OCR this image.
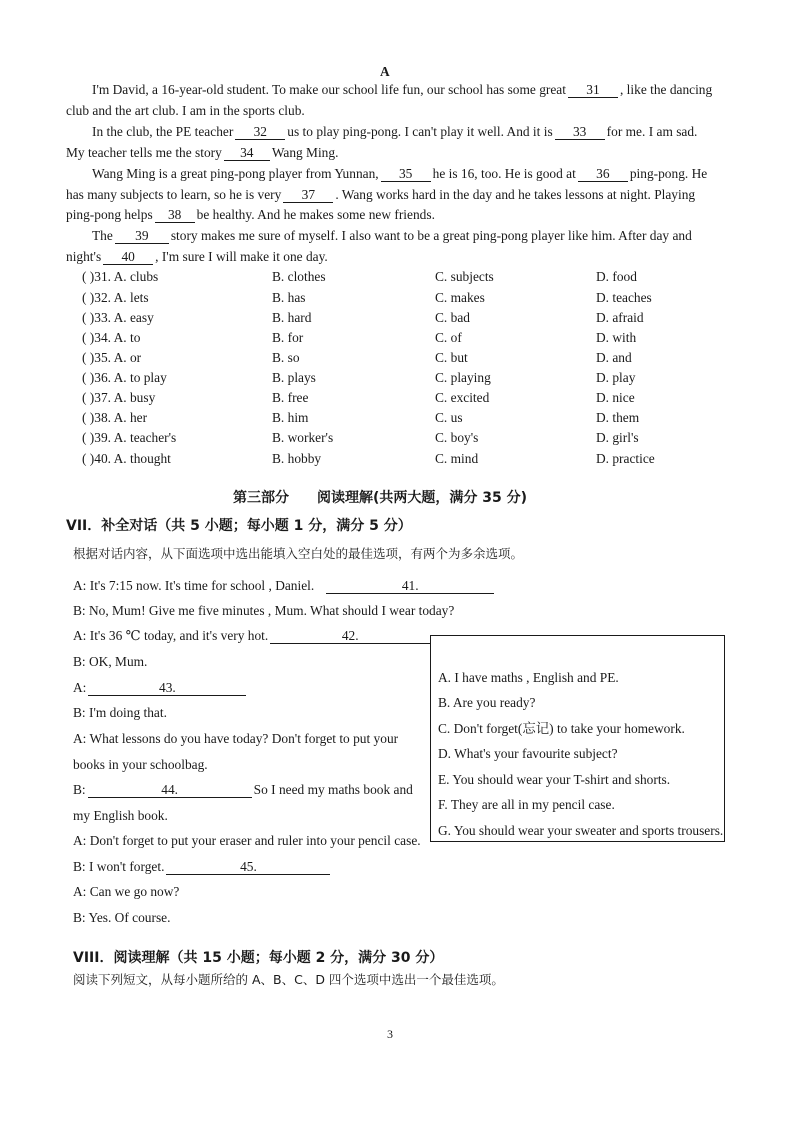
A
I'm David, a 16-year-old student. To make our school life fun, our school has some great 31 , like the dancing
club and the art club. I am in the sports club.
In the club, the PE teacher 32 us to play ping-pong. I can't play it well. And it is 33 for me. I am sad.
My teacher tells me the story 34 Wang Ming.
Wang Ming is a great ping-pong player from Yunnan, 35 he is 16, too. He is good at 36 ping-pong. He
has many subjects to learn, so he is very 37 . Wang works hard in the day and he takes lessons at night. Playing
ping-pong helps 38 be healthy. And he makes some new friends.
The 39 story makes me sure of myself. I also want to be a great ping-pong player like him. After day and
night's 40 , I'm sure I will make it one day.
( )31. A. clubs	B. clothes	C. subjects	D. food
( )32. A. lets	B. has	C. makes	D. teaches
( )33. A. easy	B. hard	C. bad	D. afraid
( )34. A. to	B. for	C. of	D. with
( )35. A. or	B. so	C. but	D. and
( )36. A. to play	B. plays	C. playing	D. play
( )37. A. busy	B. free	C. excited	D. nice
( )38. A. her	B. him	C. us	D. them
( )39. A. teacher's	B. worker's	C. boy's	D. girl's
( )40. A. thought	B. hobby	C. mind	D. practice
第三部分　　阅读理解(共两大题，满分 35 分)
VII．补全对话（共 5 小题；每小题 1 分，满分 5 分）
根据对话内容，从下面选项中选出能填入空白处的最佳选项，有两个为多余选项。
A: It's 7:15 now. It's time for school , Daniel.	41.
B: No, Mum! Give me five minutes , Mum. What should I wear today?
A: It's 36 ℃ today, and it's very hot.	42.
B: OK, Mum.
A:	43.
B: I'm doing that.
A: What lessons do you have today? Don't forget to put your
books in your schoolbag.
B:	44.	So I need my maths book and
my English book.
A: Don't forget to put your eraser and ruler into your pencil case.
B: I won't forget.	45.
A: Can we go now?
B: Yes. Of course.
A. I have maths , English and PE.
B. Are you ready?
C. Don't forget(忘记) to take your homework.
D. What's your favourite subject?
E. You should wear your T-shirt and shorts.
F. They are all in my pencil case.
G. You should wear your sweater and sports trousers.
VIII．阅读理解（共 15 小题；每小题 2 分，满分 30 分）
阅读下列短文，从每小题所给的 A、B、C、D 四个选项中选出一个最佳选项。
3
